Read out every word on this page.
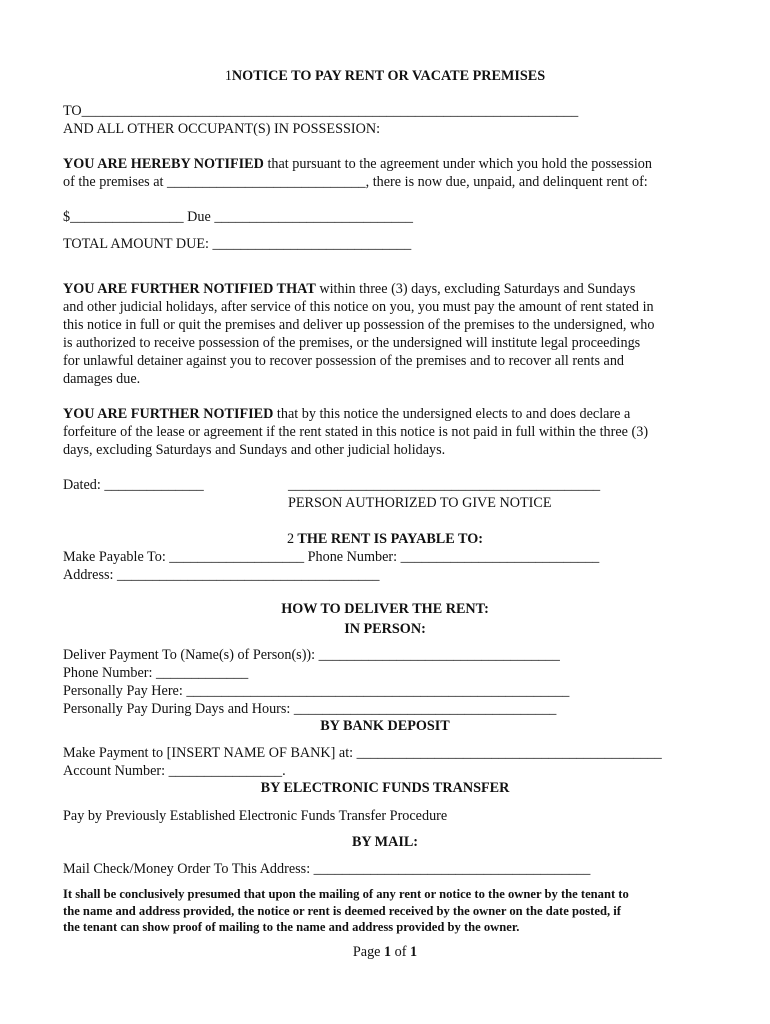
1NOTICE TO PAY RENT OR VACATE PREMISES
TO______________________________________________________________________
AND ALL OTHER OCCUPANT(S) IN POSSESSION:
YOU ARE HEREBY NOTIFIED that pursuant to the agreement under which you hold the possession
of the premises at ____________________________, there is now due, unpaid, and delinquent rent of:
$________________ Due ____________________________
TOTAL AMOUNT DUE: ____________________________
YOU ARE FURTHER NOTIFIED THAT within three (3) days, excluding Saturdays and Sundays
and other judicial holidays, after service of this notice on you, you must pay the amount of rent stated in
this notice in full or quit the premises and deliver up possession of the premises to the undersigned, who
is authorized to receive possession of the premises, or the undersigned will institute legal proceedings
for unlawful detainer against you to recover possession of the premises and to recover all rents and
damages due.
YOU ARE FURTHER NOTIFIED that by this notice the undersigned elects to and does declare a
forfeiture of the lease or agreement if the rent stated in this notice is not paid in full within the three (3)
days, excluding Saturdays and Sundays and other judicial holidays.
Dated: ______________	____________________________________________
PERSON AUTHORIZED TO GIVE NOTICE
2 THE RENT IS PAYABLE TO:
Make Payable To: ___________________ Phone Number: ____________________________
Address: _____________________________________
HOW TO DELIVER THE RENT:
IN PERSON:
Deliver Payment To (Name(s) of Person(s)): __________________________________
Phone Number: _____________
Personally Pay Here: ______________________________________________________
Personally Pay During Days and Hours: _____________________________________
BY BANK DEPOSIT
Make Payment to [INSERT NAME OF BANK] at: ___________________________________________
Account Number: ________________.
BY ELECTRONIC FUNDS TRANSFER
Pay by Previously Established Electronic Funds Transfer Procedure
BY MAIL:
Mail Check/Money Order To This Address: _______________________________________
It shall be conclusively presumed that upon the mailing of any rent or notice to the owner by the tenant to
the name and address provided, the notice or rent is deemed received by the owner on the date posted, if
the tenant can show proof of mailing to the name and address provided by the owner.
Page 1 of 1
